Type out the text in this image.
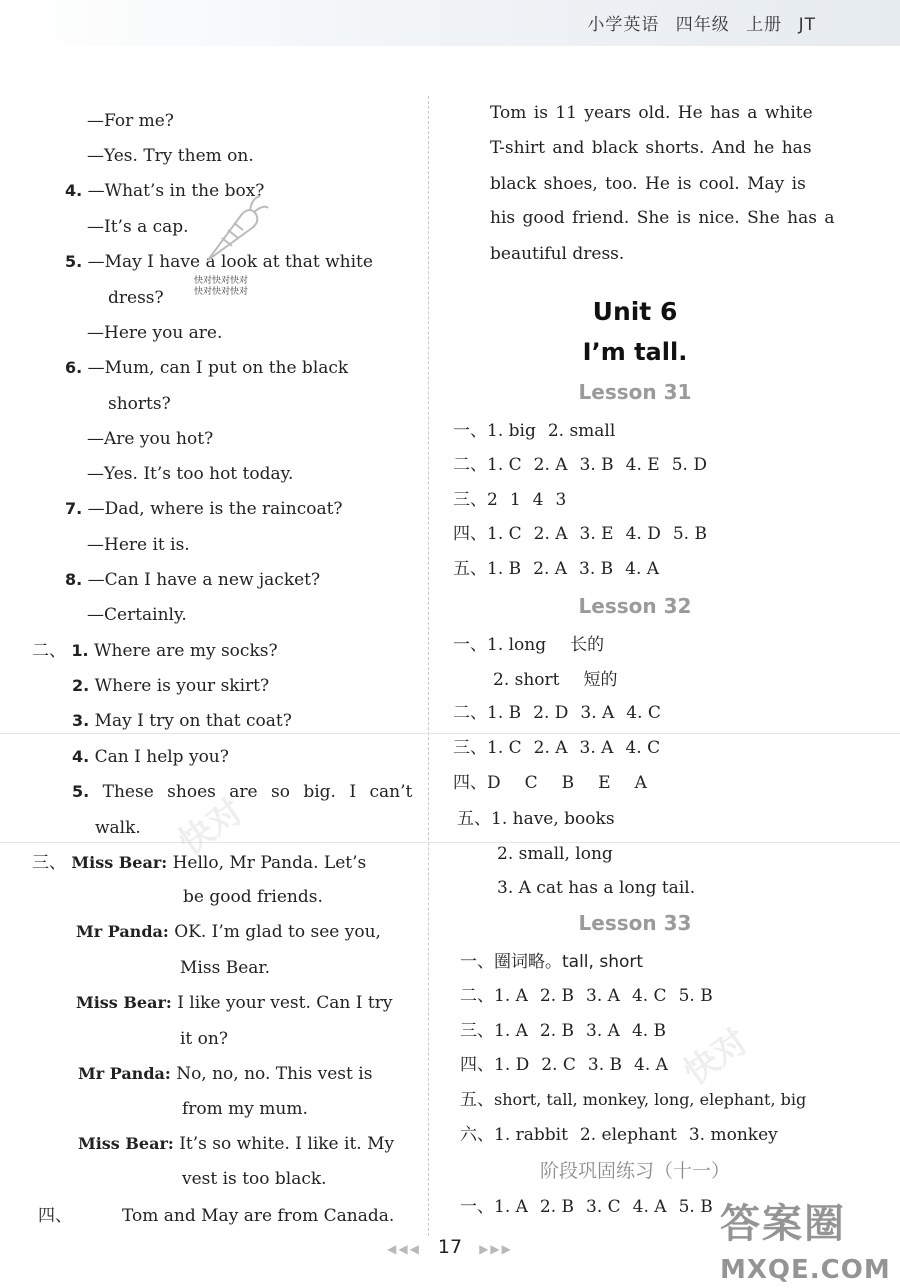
小学英语 四年级 上册 JT
—For me?
—Yes. Try them on.
4. —What’s in the box?
—It’s a cap.
5. —May I have a look at that white
dress?
—Here you are.
6. —Mum, can I put on the black
shorts?
—Are you hot?
—Yes. It’s too hot today.
7. —Dad, where is the raincoat?
—Here it is.
8. —Can I have a new jacket?
—Certainly.
二、 1. Where are my socks?
2. Where is your skirt?
3. May I try on that coat?
4. Can I help you?
5. These shoes are so big. I can’t
walk.
三、 Miss Bear: Hello, Mr Panda. Let’s
be good friends.
Mr Panda: OK. I’m glad to see you,
Miss Bear.
Miss Bear: I like your vest. Can I try
it on?
Mr Panda: No, no, no. This vest is
from my mum.
Miss Bear: It’s so white. I like it. My
vest is too black.
四、	Tom and May are from Canada.
Tom is 11 years old. He has a white
T-shirt and black shorts. And he has
black shoes, too. He is cool. May is
his good friend. She is nice. She has a
beautiful dress.
Unit 6
I’m tall.
Lesson 31
一、1. big 2. small
二、1. C 2. A 3. B 4. E 5. D
三、2 1 4 3
四、1. C 2. A 3. E 4. D 5. B
五、1. B 2. A 3. B 4. A
Lesson 32
一、1. long 长的
2. short 短的
二、1. B 2. D 3. A 4. C
三、1. C 2. A 3. A 4. C
四、D C B E A
五、1. have, books
2. small, long
3. A cat has a long tail.
Lesson 33
一、圈词略。tall, short
二、1. A 2. B 3. A 4. C 5. B
三、1. A 2. B 3. A 4. B
四、1. D 2. C 3. B 4. A
五、short, tall, monkey, long, elephant, big
六、1. rabbit 2. elephant 3. monkey
阶段巩固练习（十一）
一、1. A 2. B 3. C 4. A 5. B
快对快对快对
快对快对快对
快对
快对
◀◀◀ 17 ▶▶▶
答案圈
MXQE.COM
